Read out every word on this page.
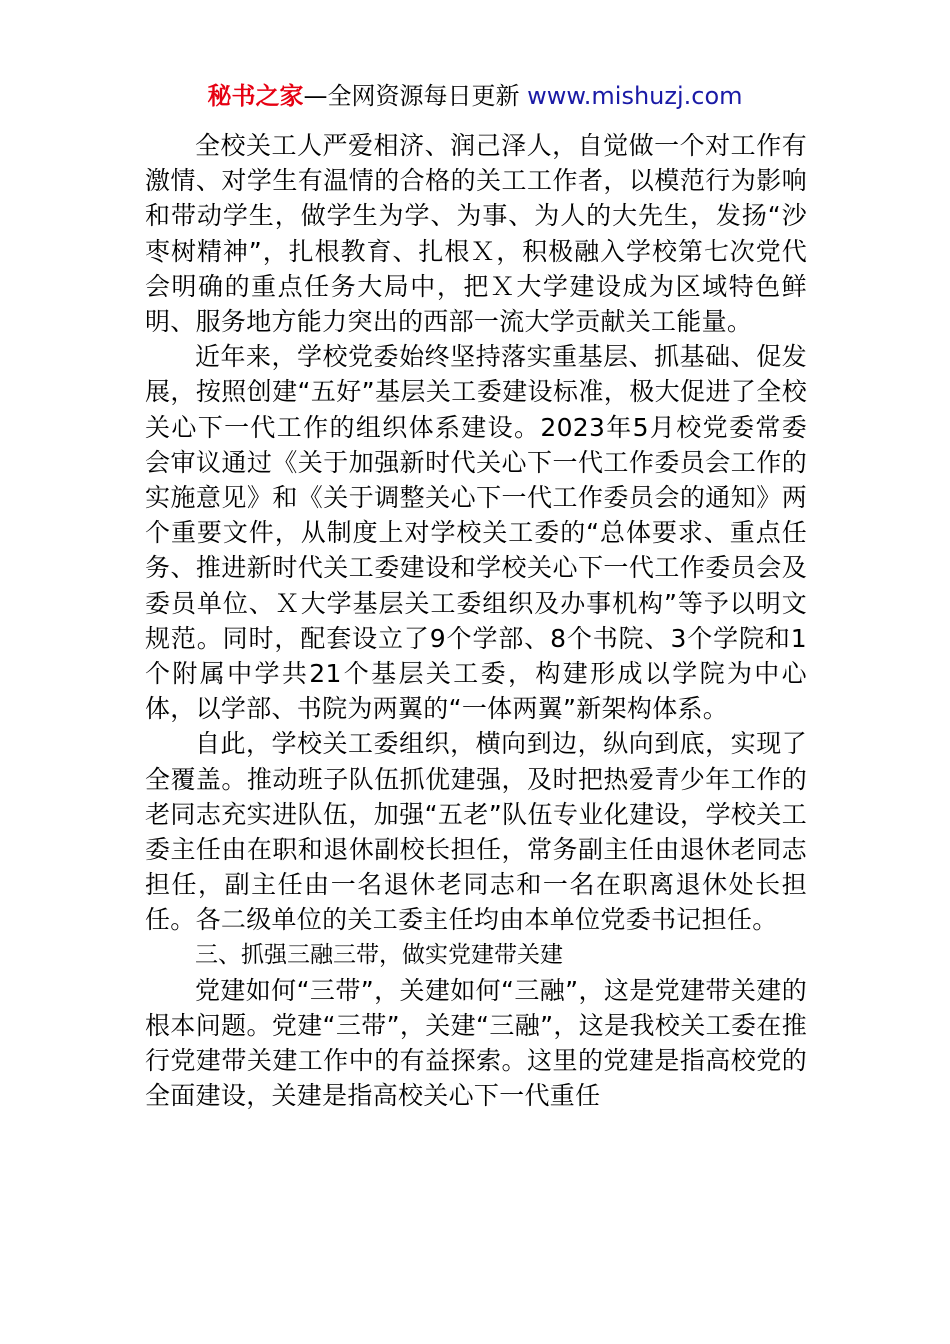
秘书之家—全网资源每日更新 www.mishuzj.com

全校关工人严爱相济、润己泽人，自觉做一个对工作有激情、对学生有温情的合格的关工工作者，以模范行为影响和带动学生，做学生为学、为事、为人的大先生，发扬“沙枣树精神”，扎根教育、扎根Ｘ，积极融入学校第七次党代会明确的重点任务大局中，把Ｘ大学建设成为区域特色鲜明、服务地方能力突出的西部一流大学贡献关工能量。

近年来，学校党委始终坚持落实重基层、抓基础、促发展，按照创建“五好”基层关工委建设标准，极大促进了全校关心下一代工作的组织体系建设。2023年5月校党委常委会审议通过《关于加强新时代关心下一代工作委员会工作的实施意见》和《关于调整关心下一代工作委员会的通知》两个重要文件，从制度上对学校关工委的“总体要求、重点任务、推进新时代关工委建设和学校关心下一代工作委员会及委员单位、Ｘ大学基层关工委组织及办事机构”等予以明文规范。同时，配套设立了9个学部、8个书院、3个学院和1个附属中学共21个基层关工委，构建形成以学院为中心体，以学部、书院为两翼的“一体两翼”新架构体系。

自此，学校关工委组织，横向到边，纵向到底，实现了全覆盖。推动班子队伍抓优建强，及时把热爱青少年工作的老同志充实进队伍，加强“五老”队伍专业化建设，学校关工委主任由在职和退休副校长担任，常务副主任由退休老同志担任，副主任由一名退休老同志和一名在职离退休处长担任。各二级单位的关工委主任均由本单位党委书记担任。

三、抓强三融三带，做实党建带关建

党建如何“三带”，关建如何“三融”，这是党建带关建的根本问题。党建“三带”，关建“三融”，这是我校关工委在推行党建带关建工作中的有益探索。这里的党建是指高校党的全面建设，关建是指高校关心下一代重任
